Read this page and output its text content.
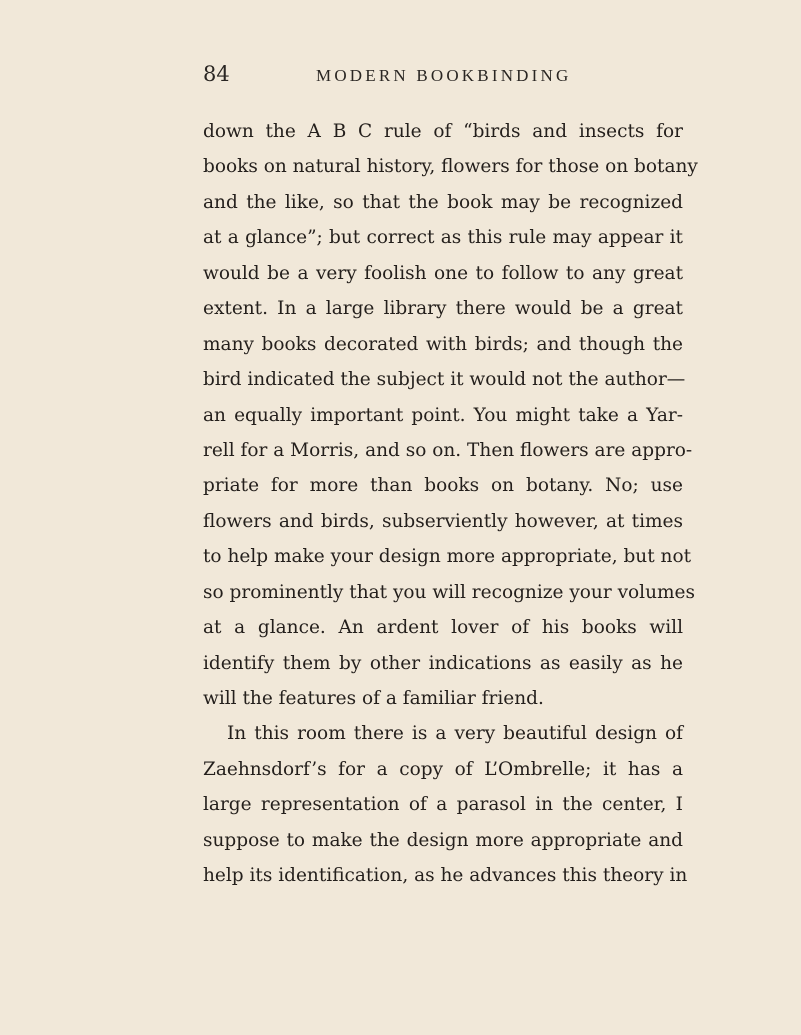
84	MODERN BOOKBINDING
down the A B C rule of “birds and insects for
books on natural history, flowers for those on botany
and the like, so that the book may be recognized
at a glance”; but correct as this rule may appear it
would be a very foolish one to follow to any great
extent. In a large library there would be a great
many books decorated with birds; and though the
bird indicated the subject it would not the author—
an equally important point. You might take a Yar-
rell for a Morris, and so on. Then flowers are appro-
priate for more than books on botany. No; use
flowers and birds, subserviently however, at times
to help make your design more appropriate, but not
so prominently that you will recognize your volumes
at a glance. An ardent lover of his books will
identify them by other indications as easily as he
will the features of a familiar friend.
In this room there is a very beautiful design of
Zaehnsdorf’s for a copy of L’Ombrelle; it has a
large representation of a parasol in the center, I
suppose to make the design more appropriate and
help its identification, as he advances this theory in
